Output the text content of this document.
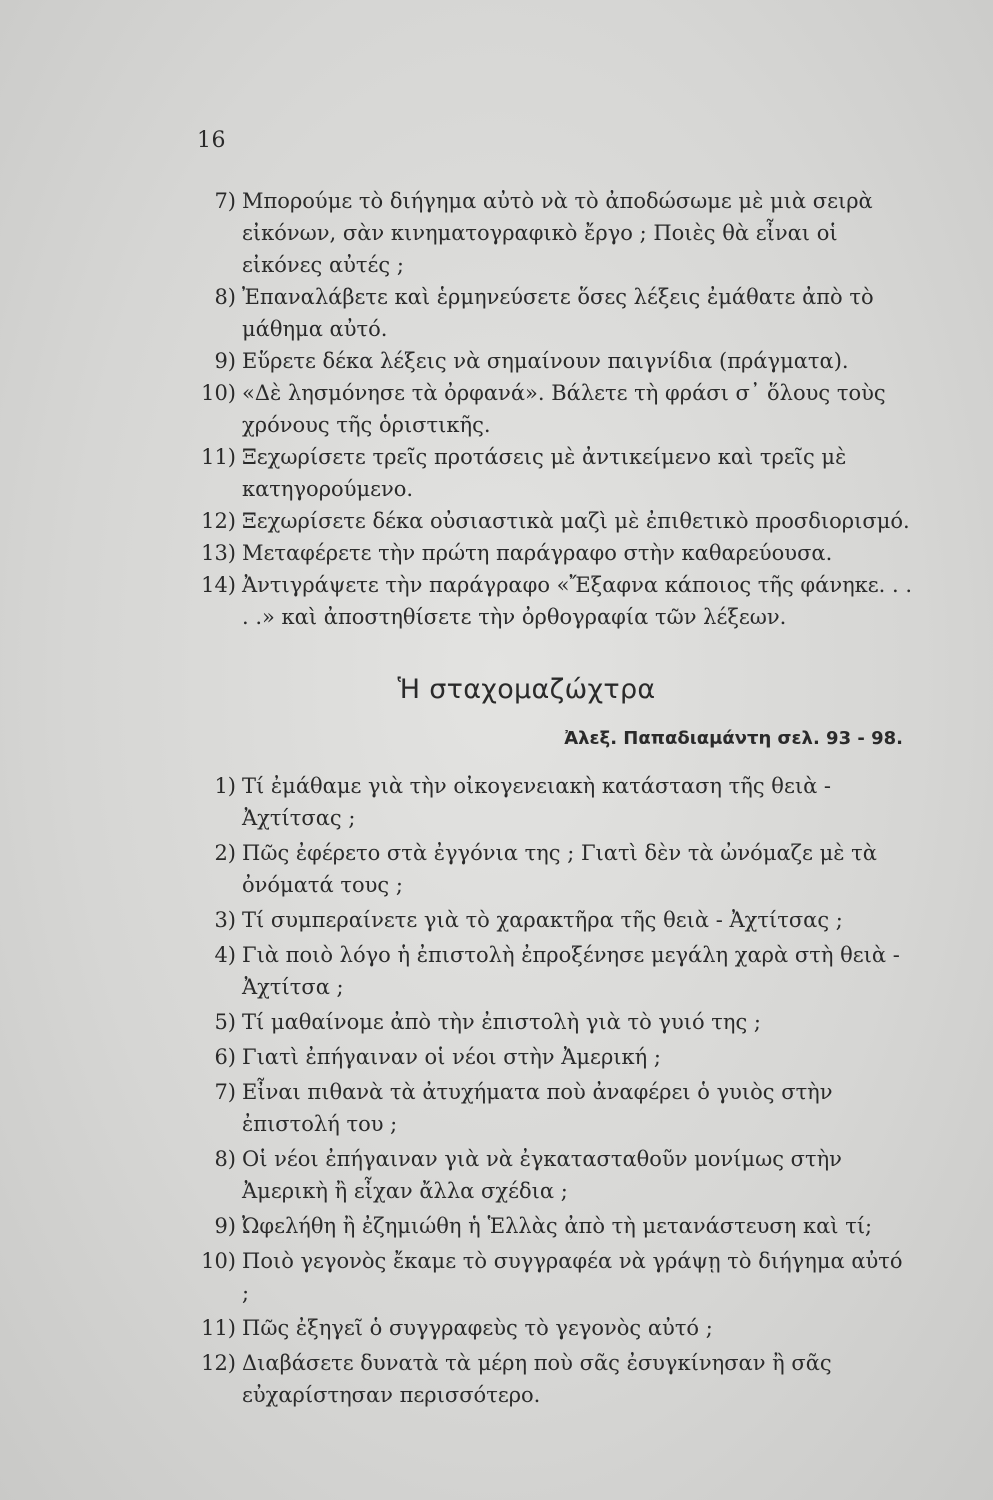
16
7) Μπορούμε τὸ διήγημα αὐτὸ νὰ τὸ ἀποδώσωμε μὲ μιὰ σειρὰ εἰκόνων, σὰν κινηματογραφικὸ ἔργο ; Ποιὲς θὰ εἶναι οἱ εἰκόνες αὐτές ;
8) Ἐπαναλάβετε καὶ ἑρμηνεύσετε ὅσες λέξεις ἐμάθατε ἀπὸ τὸ μάθημα αὐτό.
9) Εὕρετε δέκα λέξεις νὰ σημαίνουν παιγνίδια (πράγματα).
10) «Δὲ λησμόνησε τὰ ὀρφανά». Βάλετε τὴ φράσι σ᾽ ὅλους τοὺς χρόνους τῆς ὁριστικῆς.
11) Ξεχωρίσετε τρεῖς προτάσεις μὲ ἀντικείμενο καὶ τρεῖς μὲ κατηγορούμενο.
12) Ξεχωρίσετε δέκα οὐσιαστικὰ μαζὶ μὲ ἐπιθετικὸ προσδιορισμό.
13) Μεταφέρετε τὴν πρώτη παράγραφο στὴν καθαρεύουσα.
14) Ἀντιγράψετε τὴν παράγραφο «Ἔξαφνα κάποιος τῆς φάνηκε. . . . .» καὶ ἀποστηθίσετε τὴν ὀρθογραφία τῶν λέξεων.
Ἡ σταχομαζώχτρα
Ἀλεξ. Παπαδιαμάντη σελ. 93 - 98.
1) Τί ἐμάθαμε γιὰ τὴν οἰκογενειακὴ κατάσταση τῆς θειὰ - Ἀχτίτσας ;
2) Πῶς ἐφέρετο στὰ ἐγγόνια της ; Γιατὶ δὲν τὰ ὠνόμαζε μὲ τὰ ὀνόματά τους ;
3) Τί συμπεραίνετε γιὰ τὸ χαρακτῆρα τῆς θειὰ - Ἀχτίτσας ;
4) Γιὰ ποιὸ λόγο ἡ ἐπιστολὴ ἐπροξένησε μεγάλη χαρὰ στὴ θειὰ - Ἀχτίτσα ;
5) Τί μαθαίνομε ἀπὸ τὴν ἐπιστολὴ γιὰ τὸ γυιό της ;
6) Γιατὶ ἐπήγαιναν οἱ νέοι στὴν Ἀμερική ;
7) Εἶναι πιθανὰ τὰ ἀτυχήματα ποὺ ἀναφέρει ὁ γυιὸς στὴν ἐπιστολή του ;
8) Οἱ νέοι ἐπήγαιναν γιὰ νὰ ἐγκατασταθοῦν μονίμως στὴν Ἀμερικὴ ἢ εἶχαν ἄλλα σχέδια ;
9) Ὠφελήθη ἢ ἐζημιώθη ἡ Ἑλλὰς ἀπὸ τὴ μετανάστευση καὶ τί;
10) Ποιὸ γεγονὸς ἔκαμε τὸ συγγραφέα νὰ γράψῃ τὸ διήγημα αὐτό ;
11) Πῶς ἐξηγεῖ ὁ συγγραφεὺς τὸ γεγονὸς αὐτό ;
12) Διαβάσετε δυνατὰ τὰ μέρη ποὺ σᾶς ἐσυγκίνησαν ἢ σᾶς εὐχαρίστησαν περισσότερο.
